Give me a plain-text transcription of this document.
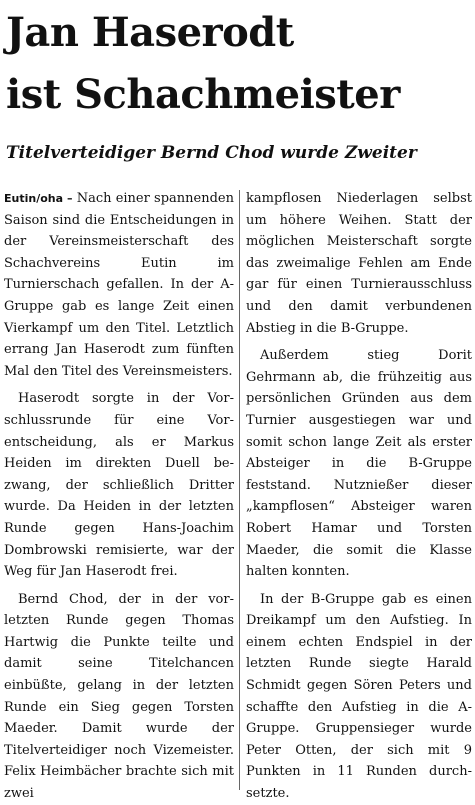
Jan Haserodt
ist Schachmeister
Titelverteidiger Bernd Chod wurde Zweiter

Eutin/oha – Nach einer spannenden Saison sind die Entscheidungen in der Vereinsmeisterschaft des Schachvereins Eutin im Turnierschach gefallen. In der A-Gruppe gab es lange Zeit einen Vierkampf um den Titel. Letztlich errang Jan Haserodt zum fünften Mal den Titel des Vereinsmeisters.

Haserodt sorgte in der Vorschlussrunde für eine Vorentscheidung, als er Markus Heiden im direkten Duell bezwang, der schließlich Dritter wurde. Da Heiden in der letzten Runde gegen Hans-Joachim Dombrowski remisierte, war der Weg für Jan Haserodt frei.

Bernd Chod, der in der vorletzten Runde gegen Thomas Hartwig die Punkte teilte und damit seine Titelchancen einbüßte, gelang in der letzten Runde ein Sieg gegen Torsten Maeder. Damit wurde der Titelverteidiger noch Vizemeister. Felix Heimbächer brachte sich mit zwei

kampflosen Niederlagen selbst um höhere Weihen. Statt der möglichen Meisterschaft sorgte das zweimalige Fehlen am Ende gar für einen Turnierausschluss und den damit verbundenen Abstieg in die B-Gruppe.

Außerdem stieg Dorit Gehrmann ab, die frühzeitig aus persönlichen Gründen aus dem Turnier ausgestiegen war und somit schon lange Zeit als erster Absteiger in die B-Gruppe feststand. Nutznießer dieser „kampflosen“ Absteiger waren Robert Hamar und Torsten Maeder, die somit die Klasse halten konnten.

In der B-Gruppe gab es einen Dreikampf um den Aufstieg. In einem echten Endspiel in der letzten Runde siegte Harald Schmidt gegen Sören Peters und schaffte den Aufstieg in die A-Gruppe. Gruppensieger wurde Peter Otten, der sich mit 9 Punkten in 11 Runden durchsetzte.
